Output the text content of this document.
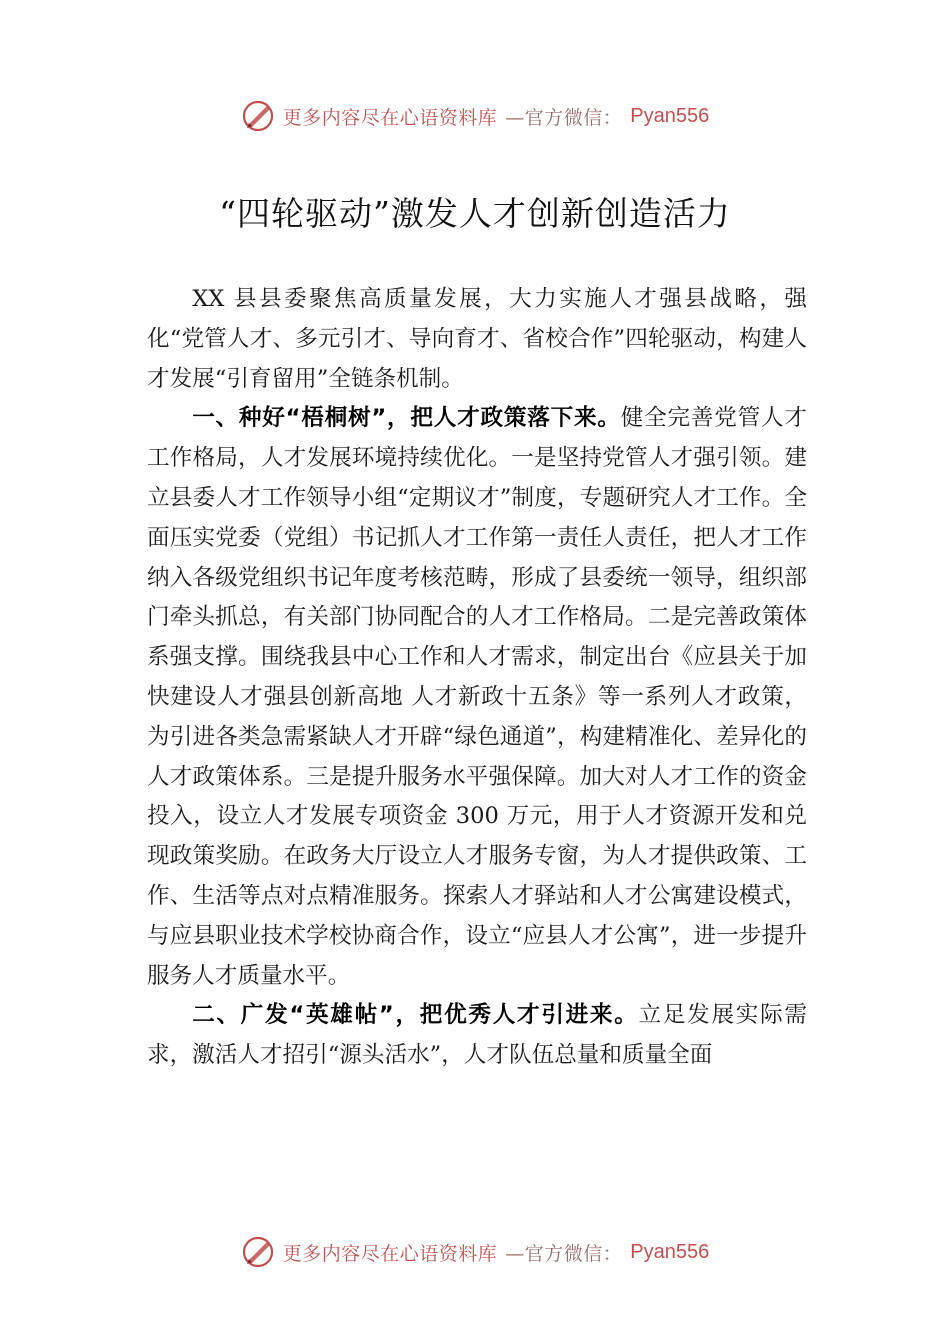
更多内容尽在心语资料库 —官方微信： Pyan556
“四轮驱动”激发人才创新创造活力

XX 县县委聚焦高质量发展，大力实施人才强县战略，强化“党管人才、多元引才、导向育才、省校合作”四轮驱动，构建人才发展“引育留用”全链条机制。

一、种好“梧桐树”，把人才政策落下来。健全完善党管人才工作格局，人才发展环境持续优化。一是坚持党管人才强引领。建立县委人才工作领导小组“定期议才”制度，专题研究人才工作。全面压实党委（党组）书记抓人才工作第一责任人责任，把人才工作纳入各级党组织书记年度考核范畴，形成了县委统一领导，组织部门牵头抓总，有关部门协同配合的人才工作格局。二是完善政策体系强支撑。围绕我县中心工作和人才需求，制定出台《应县关于加快建设人才强县创新高地 人才新政十五条》等一系列人才政策，为引进各类急需紧缺人才开辟“绿色通道”，构建精准化、差异化的人才政策体系。三是提升服务水平强保障。加大对人才工作的资金投入，设立人才发展专项资金 300 万元，用于人才资源开发和兑现政策奖励。在政务大厅设立人才服务专窗，为人才提供政策、工作、生活等点对点精准服务。探索人才驿站和人才公寓建设模式，与应县职业技术学校协商合作，设立“应县人才公寓”，进一步提升服务人才质量水平。

二、广发“英雄帖”，把优秀人才引进来。立足发展实际需求，激活人才招引“源头活水”，人才队伍总量和质量全面

更多内容尽在心语资料库 —官方微信： Pyan556
